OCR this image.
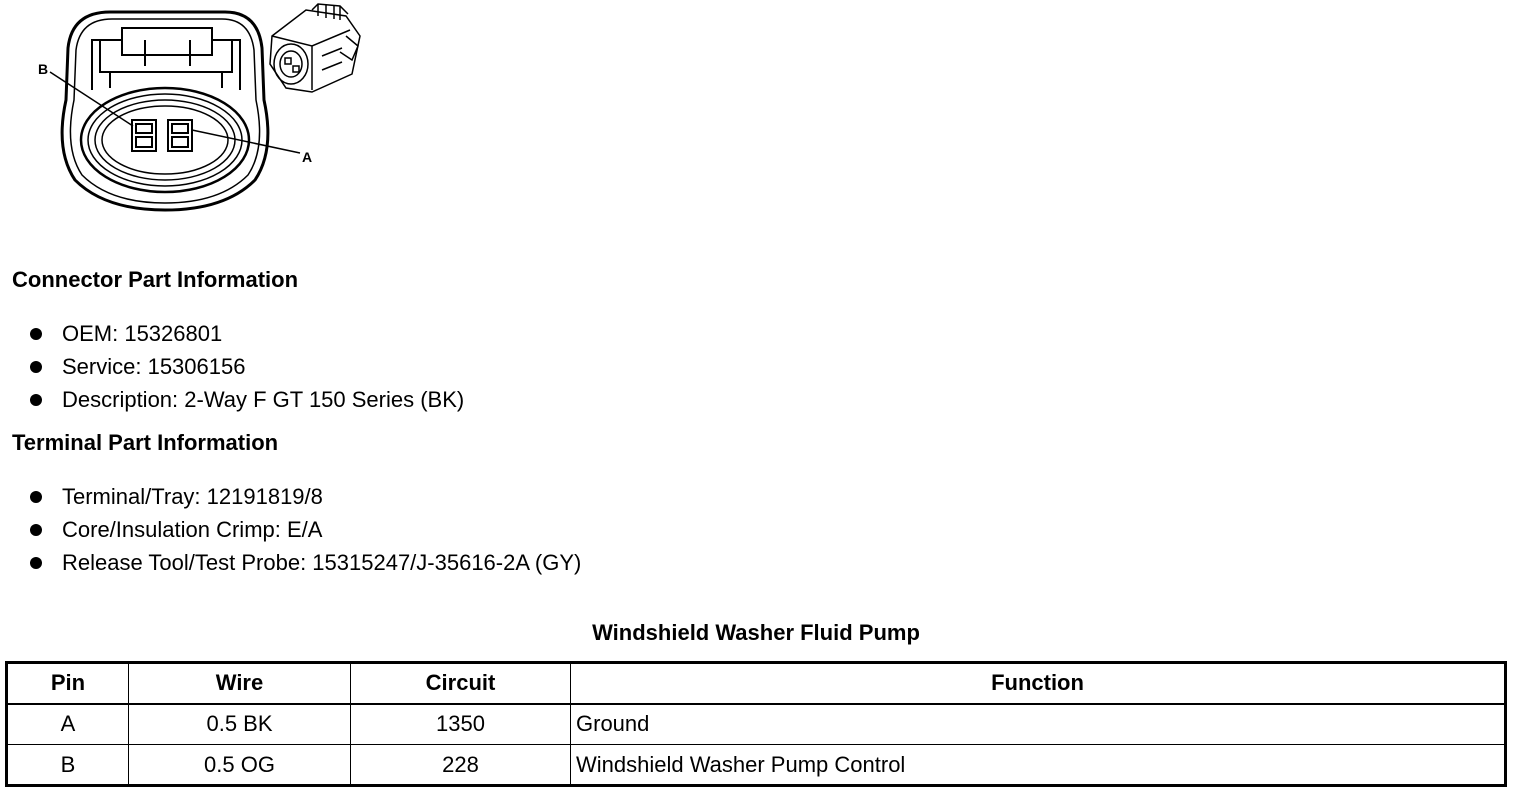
B
A
Connector Part Information
OEM: 15326801
Service: 15306156
Description: 2-Way F GT 150 Series (BK)
Terminal Part Information
Terminal/Tray: 12191819/8
Core/Insulation Crimp: E/A
Release Tool/Test Probe: 15315247/J-35616-2A (GY)
Windshield Washer Fluid Pump
Pin	Wire	Circuit	Function
A	0.5 BK	1350	Ground
B	0.5 OG	228	Windshield Washer Pump Control
